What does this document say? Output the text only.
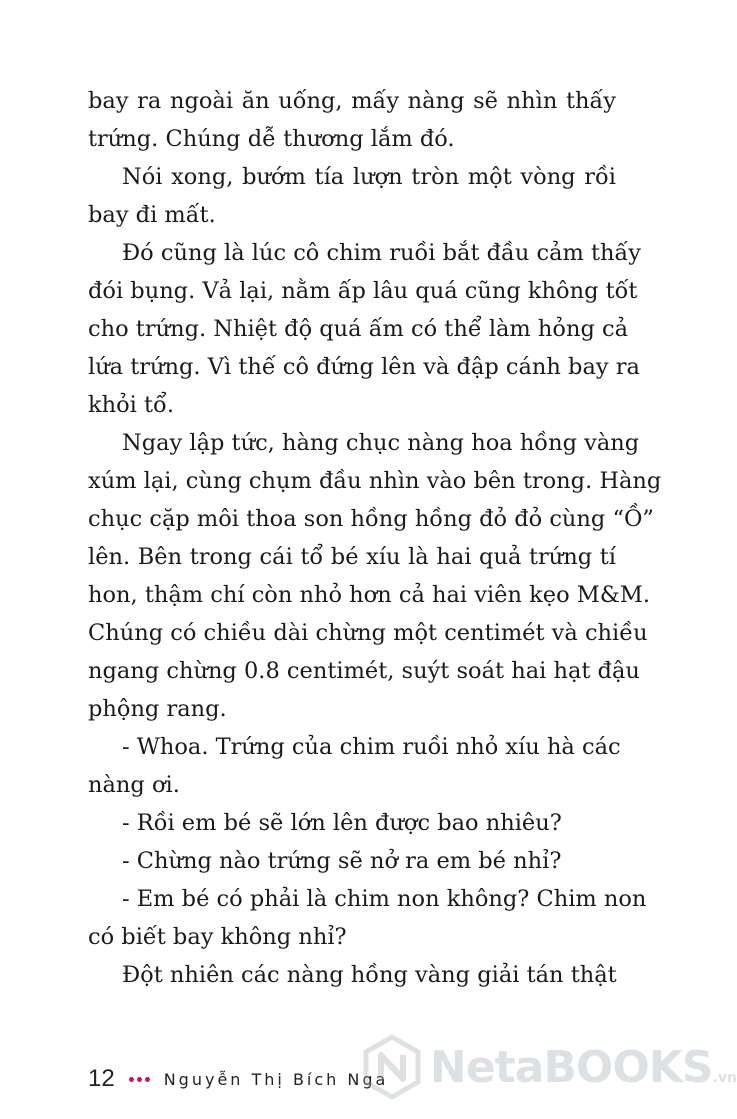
bay ra ngoài ăn uống, mấy nàng sẽ nhìn thấy
trứng. Chúng dễ thương lắm đó.
Nói xong, bướm tía lượn tròn một vòng rồi
bay đi mất.
Đó cũng là lúc cô chim ruồi bắt đầu cảm thấy
đói bụng. Vả lại, nằm ấp lâu quá cũng không tốt
cho trứng. Nhiệt độ quá ấm có thể làm hỏng cả
lứa trứng. Vì thế cô đứng lên và đập cánh bay ra
khỏi tổ.
Ngay lập tức, hàng chục nàng hoa hồng vàng
xúm lại, cùng chụm đầu nhìn vào bên trong. Hàng
chục cặp môi thoa son hồng hồng đỏ đỏ cùng “Ồ”
lên. Bên trong cái tổ bé xíu là hai quả trứng tí
hon, thậm chí còn nhỏ hơn cả hai viên kẹo M&M.
Chúng có chiều dài chừng một centimét và chiều
ngang chừng 0.8 centimét, suýt soát hai hạt đậu
phộng rang.
- Whoa. Trứng của chim ruồi nhỏ xíu hà các
nàng ơi.
- Rồi em bé sẽ lớn lên được bao nhiêu?
- Chừng nào trứng sẽ nở ra em bé nhỉ?
- Em bé có phải là chim non không? Chim non
có biết bay không nhỉ?
Đột nhiên các nàng hồng vàng giải tán thật
12	Nguyễn Thị Bích Nga NetaBOOKS .vn
